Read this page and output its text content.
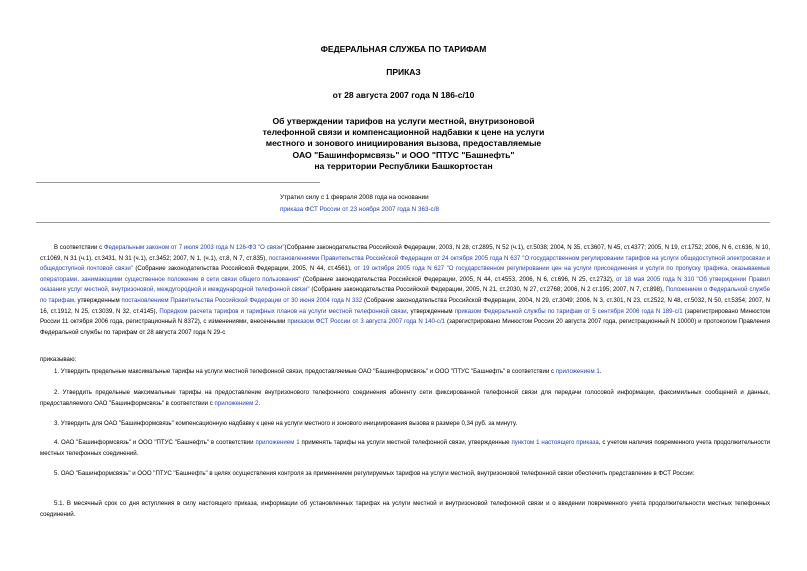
ФЕДЕРАЛЬНАЯ СЛУЖБА ПО ТАРИФАМ
ПРИКАЗ
от 28 августа 2007 года N 186-с/10
Об утверждении тарифов на услуги местной, внутризоновой
телефонной связи и компенсационной надбавки к цене на услуги
местного и зонового инициирования вызова, предоставляемые
ОАО "Башинформсвязь" и ООО "ПТУС "Башнефть"
на территории Республики Башкортостан
Утратил силу с 1 февраля 2008 года на основании
приказа ФСТ России от 23 ноября 2007 года N 363-с/8
В соответствии с Федеральным законом от 7 июля 2003 года N 126-ФЗ "О связи"(Собрание законодательства Российской Федерации, 2003, N 28, ст.2895, N 52 (ч.1), ст.5038; 2004, N 35, ст.3607, N 45, ст.4377; 2005, N 19, ст.1752; 2006, N 6, ст.636, N 10, ст.1069, N 31 (ч.1), ст.3431, N 31 (ч.1), ст.3452; 2007, N 1, (ч.1), ст.8, N 7, ст.835), постановлениями Правительства Российской Федерации от 24 октября 2005 года N 637 "О государственном регулировании тарифов на услуги общедоступной электросвязи и общедоступной почтовой связи" (Собрание законодательства Российской Федерации, 2005, N 44, ст.4561), от 19 октября 2005 года N 627 "О государственном регулировании цен на услуги присоединения и услуги по пропуску трафика, оказываемые операторами, занимающими существенное положение в сети связи общего пользования" (Собрание законодательства Российской Федерации, 2005, N 44, ст.4553, 2006, N 6, ст.696, N 25, ст.2732), от 18 мая 2005 года N 310 "Об утверждении Правил оказания услуг местной, внутризоновой, междугородной и международной телефонной связи" (Собрание законодательства Российской Федерации, 2005, N 21, ст.2030, N 27, ст.2768; 2006, N 2 ст.195; 2007, N 7, ст.898), Положением о Федеральной службе по тарифам, утвержденным постановлением Правительства Российской Федерации от 30 июня 2004 года N 332 (Собрание законодательства Российской Федерации, 2004, N 29, ст.3049; 2006, N 3, ст.301, N 23, ст.2522, N 48, ст.5032, N 50, ст.5354; 2007, N 16, ст.1912, N 25, ст.3039, N 32, ст.4145), Порядком расчета тарифов и тарифных планов на услуги местной телефонной связи, утвержденным приказом Федеральной службы по тарифам от 5 сентября 2006 года N 189-с/1 (зарегистрировано Минюстом России 11 октября 2006 года, регистрационный N 8372), с изменениями, внесенными приказом ФСТ России от 3 августа 2007 года N 140-с/1 (зарегистрировано Минюстом России 20 августа 2007 года, регистрационный N 10000) и протоколом Правления Федеральной службы по тарифам от 28 августа 2007 года N 29-с
приказываю:
1. Утвердить предельные максимальные тарифы на услуги местной телефонной связи, предоставляемые ОАО "Башинформсвязь" и ООО "ПТУС "Башнефть" в соответствии с приложением 1.
2. Утвердить предельные максимальные тарифы на предоставление внутризонового телефонного соединения абоненту сети фиксированной телефонной связи для передачи голосовой информации, факсимильных сообщений и данных, предоставляемого ОАО "Башинформсвязь" в соответствии с приложением 2.
3. Утвердить для ОАО "Башинформсвязь" компенсационную надбавку к цене на услуги местного и зонового инициирования вызова в размере 0,34 руб. за минуту.
4. ОАО "Башинформсвязь" и ООО "ПТУС "Башнефть" в соответствии приложением 1 применять тарифы на услуги местной телефонной связи, утвержденные пунктом 1 настоящего приказа, с учетом наличия повременного учета продолжительности местных телефонных соединений.
5. ОАО "Башинформсвязь" и ООО "ПТУС "Башнефть" в целях осуществления контроля за применением регулируемых тарифов на услуги местной, внутризоновой телефонной связи обеспечить представление в ФСТ России:
5.1. В месячный срок со дня вступления в силу настоящего приказа, информации об установленных тарифах на услуги местной и внутризоновой телефонной связи и о введении повременного учета продолжительности местных телефонных соединений.
